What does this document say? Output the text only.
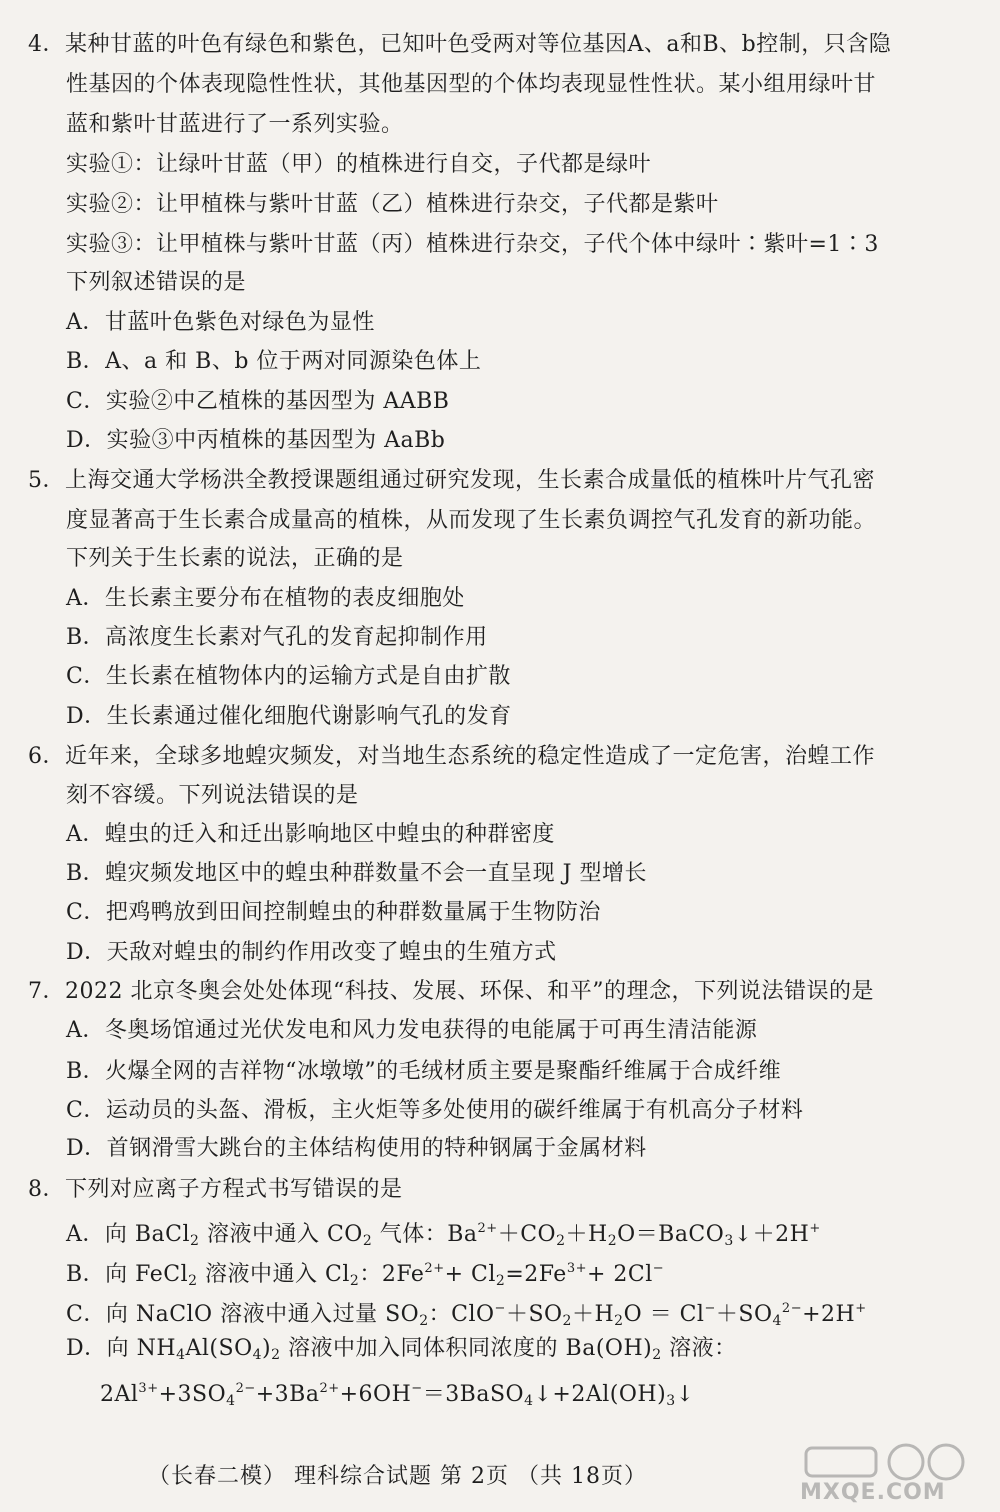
4．某种甘蓝的叶色有绿色和紫色，已知叶色受两对等位基因A、a和B、b控制，只含隐
性基因的个体表现隐性性状，其他基因型的个体均表现显性性状。某小组用绿叶甘
蓝和紫叶甘蓝进行了一系列实验。
实验①：让绿叶甘蓝（甲）的植株进行自交，子代都是绿叶
实验②：让甲植株与紫叶甘蓝（乙）植株进行杂交，子代都是紫叶
实验③：让甲植株与紫叶甘蓝（丙）植株进行杂交，子代个体中绿叶∶紫叶=1∶3
下列叙述错误的是
A．甘蓝叶色紫色对绿色为显性
B．A、a 和 B、b 位于两对同源染色体上
C．实验②中乙植株的基因型为 AABB
D．实验③中丙植株的基因型为 AaBb
5．上海交通大学杨洪全教授课题组通过研究发现，生长素合成量低的植株叶片气孔密
度显著高于生长素合成量高的植株，从而发现了生长素负调控气孔发育的新功能。
下列关于生长素的说法，正确的是
A．生长素主要分布在植物的表皮细胞处
B．高浓度生长素对气孔的发育起抑制作用
C．生长素在植物体内的运输方式是自由扩散
D．生长素通过催化细胞代谢影响气孔的发育
6．近年来，全球多地蝗灾频发，对当地生态系统的稳定性造成了一定危害，治蝗工作
刻不容缓。下列说法错误的是
A．蝗虫的迁入和迁出影响地区中蝗虫的种群密度
B．蝗灾频发地区中的蝗虫种群数量不会一直呈现 J 型增长
C．把鸡鸭放到田间控制蝗虫的种群数量属于生物防治
D．天敌对蝗虫的制约作用改变了蝗虫的生殖方式
7．2022 北京冬奥会处处体现“科技、发展、环保、和平”的理念，下列说法错误的是
A．冬奥场馆通过光伏发电和风力发电获得的电能属于可再生清洁能源
B．火爆全网的吉祥物“冰墩墩”的毛绒材质主要是聚酯纤维属于合成纤维
C．运动员的头盔、滑板，主火炬等多处使用的碳纤维属于有机高分子材料
D．首钢滑雪大跳台的主体结构使用的特种钢属于金属材料
8．下列对应离子方程式书写错误的是
A．向 BaCl$_2$ 溶液中通入 $CO_2$ 气体：$Ba^{2+}+CO_2+H_2O=BaCO_3↓+2H^+$
B．向 FeCl$_2$ 溶液中通入 $Cl_2$：$2Fe^{2+}+ Cl_2=2Fe^{3+}+ 2Cl^-$
C．向 NaClO 溶液中通入过量 $SO_2$：$ClO^-+SO_2+H_2O = Cl^-+SO_4^{2-}+2H^+$
D．向 $NH_4Al(SO_4)_2$ 溶液中加入同体积同浓度的 $Ba(OH)_2$ 溶液：
$2Al^{3+}+3SO_4^{2-}+3Ba^{2+}+6OH^-=3BaSO_4↓+2Al(OH)_3↓$
（长春二模） 理科综合试题 第 2页 （共 18页）
MXQE.COM
